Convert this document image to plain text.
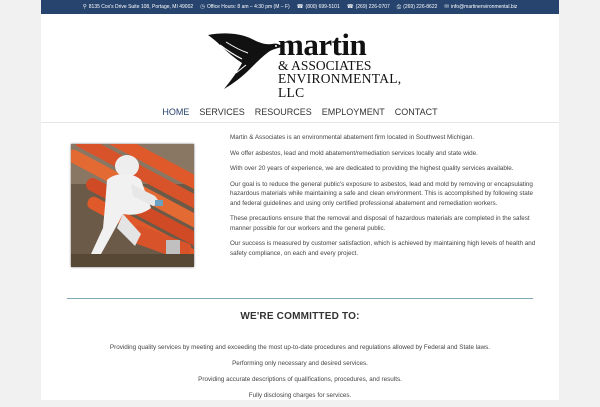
⚲ 8135 Cox's Drive Suite 108, Portage, MI 49002 ◷ Office Hours: 8 am – 4:30 pm (M – F) ☎ (800) 699-5101 ☎ (269) 226-0707 ⎙ (269) 226-8622 ✉ info@martinenvironmental.biz
martin
& ASSOCIATES
ENVIRONMENTAL, LLC
HOME	SERVICES	RESOURCES	EMPLOYMENT	CONTACT

Martin & Associates is an environmental abatement firm located in Southwest Michigan.

We offer asbestos, lead and mold abatement/remediation services locally and state wide.

With over 20 years of experience, we are dedicated to providing the highest quality services available.

Our goal is to reduce the general public's exposure to asbestos, lead and mold by removing or encapsulating hazardous materials while maintaining a safe and clean environment. This is accomplished by following state and federal guidelines and using only certified professional abatement and remediation workers.

These precautions ensure that the removal and disposal of hazardous materials are completed in the safest manner possible for our workers and the general public.

Our success is measured by customer satisfaction, which is achieved by maintaining high levels of health and safety compliance, on each and every project.

WE'RE COMMITTED TO:
Providing quality services by meeting and exceeding the most up-to-date procedures and regulations allowed by Federal and State laws.
Performing only necessary and desired services.
Providing accurate descriptions of qualifications, procedures, and results.
Fully disclosing charges for services.
